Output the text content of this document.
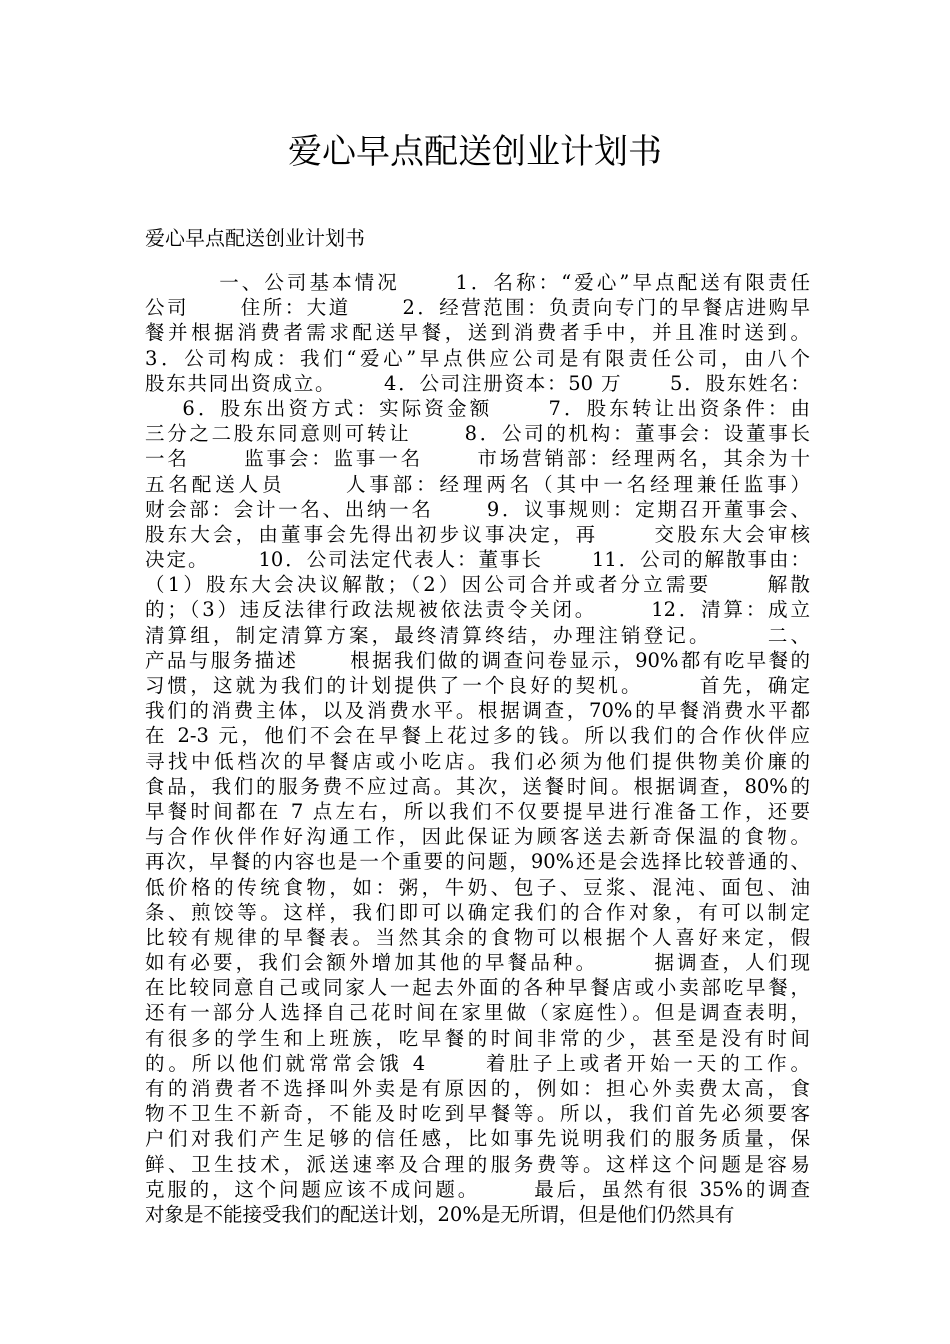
爱心早点配送创业计划书
爱心早点配送创业计划书
一、公司基本情况      1．名称：“爱心”早点配送有限责任
公司      住所：大道      2．经营范围：负责向专门的早餐店进购早
餐并根据消费者需求配送早餐，送到消费者手中，并且准时送到。
3．公司构成：我们“爱心”早点供应公司是有限责任公司，由八个
股东共同出资成立。      4．公司注册资本：50 万      5．股东姓名：
6．股东出资方式：实际资金额      7．股东转让出资条件：由
三分之二股东同意则可转让      8．公司的机构：董事会：设董事长
一名      监事会：监事一名      市场营销部：经理两名，其余为十
五名配送人员      人事部：经理两名（其中一名经理兼任监事）
财会部：会计一名、出纳一名      9．议事规则：定期召开董事会、
股东大会，由董事会先得出初步议事决定，再      交股东大会审核
决定。      10．公司法定代表人：董事长      11．公司的解散事由：
（1）股东大会决议解散；（2）因公司合并或者分立需要      解散
的；（3）违反法律行政法规被依法责令关闭。      12．清算：成立
清算组，制定清算方案，最终清算终结，办理注销登记。      二、
产品与服务描述      根据我们做的调查问卷显示，90%都有吃早餐的
习惯，这就为我们的计划提供了一个良好的契机。      首先，确定
我们的消费主体，以及消费水平。根据调查，70%的早餐消费水平都
在 2-3 元，他们不会在早餐上花过多的钱。所以我们的合作伙伴应
寻找中低档次的早餐店或小吃店。我们必须为他们提供物美价廉的
食品，我们的服务费不应过高。其次，送餐时间。根据调查，80%的
早餐时间都在 7 点左右，所以我们不仅要提早进行准备工作，还要
与合作伙伴作好沟通工作，因此保证为顾客送去新奇保温的食物。
再次，早餐的内容也是一个重要的问题，90%还是会选择比较普通的、
低价格的传统食物，如：粥，牛奶、包子、豆浆、混沌、面包、油
条、煎饺等。这样，我们即可以确定我们的合作对象，有可以制定
比较有规律的早餐表。当然其余的食物可以根据个人喜好来定，假
如有必要，我们会额外增加其他的早餐品种。      据调查，人们现
在比较同意自己或同家人一起去外面的各种早餐店或小卖部吃早餐，
还有一部分人选择自己花时间在家里做（家庭性）。但是调查表明，
有很多的学生和上班族，吃早餐的时间非常的少，甚至是没有时间
的。所以他们就常常会饿 4      着肚子上或者开始一天的工作。
有的消费者不选择叫外卖是有原因的，例如：担心外卖费太高，食
物不卫生不新奇，不能及时吃到早餐等。所以，我们首先必须要客
户们对我们产生足够的信任感，比如事先说明我们的服务质量，保
鲜、卫生技术，派送速率及合理的服务费等。这样这个问题是容易
克服的，这个问题应该不成问题。      最后，虽然有很 35%的调查
对象是不能接受我们的配送计划，20%是无所谓，但是他们仍然具有
